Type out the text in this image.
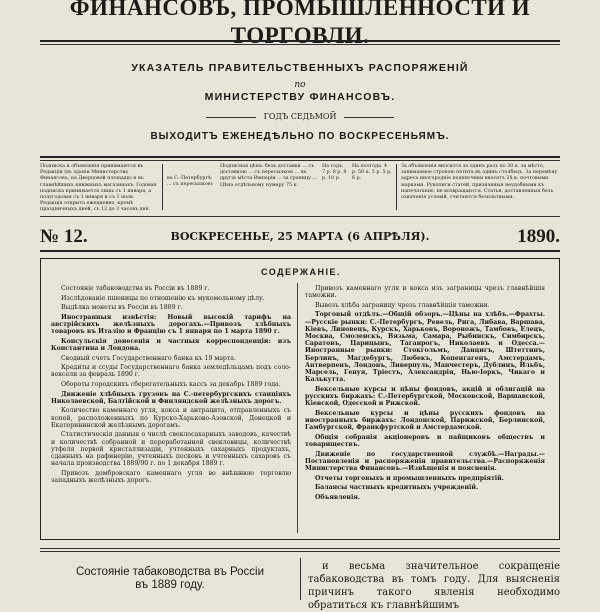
ФИНАНСОВЪ, ПРОМЫШЛЕННОСТИ И ТОРГОВЛИ.
УКАЗАТЕЛЬ ПРАВИТЕЛЬСТВЕННЫХЪ РАСПОРЯЖЕНІЙ
по
МИНИСТЕРСТВУ ФИНАНСОВЪ.
ГОДЪ СЕДЬМОЙ
ВЫХОДИТЪ ЕЖЕНЕДѢЛЬНО ПО ВОСКРЕСЕНЬЯМЪ.
Подписка и объявленія принимаются въ Редакціи (въ зданіи Министерства Финансовъ, на Дворцовой площади) и въ главнѣйшихъ книжныхъ магазинахъ. Годовая подписка принимается лишь съ 1 января, а полугодовая съ 1 января и съ 1 іюля. Редакція открыта ежедневно, кромѣ праздничныхъ дней, съ 12 до 3 часовъ дня.
въ С.-Петербургѣ: ... съ пересылкою:
Подписная цѣна: безъ доставки ... съ доставкою ... съ пересылкою ... въ другія мѣста Имперіи ... за границу ... Цѣна отдѣльному нумеру 75 к.
На годъ. 7 р. 8 р. 8 р. 10 р.
На полгода. 4 р. 50 к. 5 р. 5 р. 6 р.
За объявленія вносится за одинъ разъ по 30 к. за мѣсто, занимаемое строкою петита въ одинъ столбецъ. За перемѣну адреса иногородніе подписчики вносятъ 28 к. почтовыми марками. Рукописи статей, признанныя неудобными къ напечатанію, не возвращаются. Статьи, доставленныя безъ означенія условій, считаются безплатными.
№ 12.	ВОСКРЕСЕНЬЕ, 25 МАРТА (6 АПРѢЛЯ).	1890.
СОДЕРЖАНІЕ.

Состояніе табаководства въ Россіи въ 1889 г.

Изслѣдованіе пшеницы по отношенію къ мукомольному дѣлу.

Выдѣлка монеты въ Россіи въ 1889 г.

Иностранныя извѣстія: Новый высокій тарифъ на австрійскихъ желѣзныхъ дорогахъ.—Привозъ хлѣбныхъ товаровъ въ Италію и Францію съ 1 января по 1 марта 1890 г.

Консульскія донесенія и частныя корреспонденціи: изъ Константина и Лондона.

Сводный счетъ Государственнаго банка къ 19 марта.

Кредиты и ссуды Государственнаго банка земледѣльцамъ подъ соло-вексели за февраль 1890 г.

Обороты городскихъ сберегательныхъ кассъ за декабрь 1889 года.

Движеніе хлѣбныхъ грузовъ на С.-петербургскихъ станціяхъ Николаевской, Балтійской и Финляндской желѣзныхъ дорогъ.

Количество каменнаго угля, кокса и антрацита, отправленныхъ съ копей, расположенныхъ по Курско-Харьково-Азовской, Донецкой и Екатерининской желѣзнымъ дорогамъ.

Статистическія данныя о числѣ свеклосахарныхъ заводовъ, качествѣ и количествѣ собранной и переработанной свекловицы, количествѣ утфеля первой кристаллизаціи, учтенныхъ сахарныхъ продуктахъ, сданныхъ на рафинерію, учтенныхъ песковъ и учтенныхъ сахаровъ съ начала производства 1889/90 г. по 1 декабря 1889 г.

Привозъ домбровскаго каменнаго угля во внѣшнюю торговлю западныхъ желѣзныхъ дорогъ.

Привозъ каменнаго угля и кокса изъ заграницы чрезъ главнѣйшія таможни.

Вывозъ хлѣба заграницу чрезъ главнѣйшія таможни.

Торговый отдѣлъ.—Общій обзоръ.—Цѣны на хлѣбъ.—Фрахты.—Русскіе рынки: С.-Петербургъ, Ревель, Рига, Либава, Варшава, Кіевъ, Линовецъ, Курскъ, Харьковъ, Вороножъ, Тамбовъ, Елецъ, Москва, Смоленскъ, Вязьма, Самара, Рыбинскъ, Симбирскъ, Саратовъ, Царицынъ, Таганрогъ, Николаевъ и Одесса.—Иностранные рынки: Стокгольмъ, Данцигъ, Штеттинъ, Берлинъ, Магдебургъ, Любекъ, Копенгагенъ, Амстердамъ, Антверпенъ, Лондонъ, Ливерпуль, Манчестеръ, Дублинъ, Ильбъ, Марсель, Генуя, Тріестъ, Александрія, Нью-Іоркъ, Чикаго и Калькутта.

Вексельные курсы и цѣны фондовъ, акцій и облигацій на русскихъ биржахъ: С.-Петербургской, Московской, Варшавской, Кіевской, Одесской и Рижской.

Вексельные курсы и цѣны русскихъ фондовъ на иностранныхъ биржахъ: Лондонской, Парижской, Берлинской, Гамбургской, Франкфуртской и Амстердамской.

Общія собранія акціонеровъ и пайщиковъ обществъ и товариществъ.

Движеніе по государственной службѣ.—Награды.—Постановленія и распоряженія правительства.—Распоряженія Министерства Финансовъ.—Извѣщенія и поясненія.

Отчеты торговыхъ и промышленныхъ предпріятій.

Балансы частныхъ кредитныхъ учрежденій.

Объявленія.

Состояніе табаководства въ Россіи
въ 1889 году.

и весьма значительное сокращеніе табаководства въ томъ году. Для выясненія причинъ такого явленія необходимо обратиться къ главнѣйшимъ
